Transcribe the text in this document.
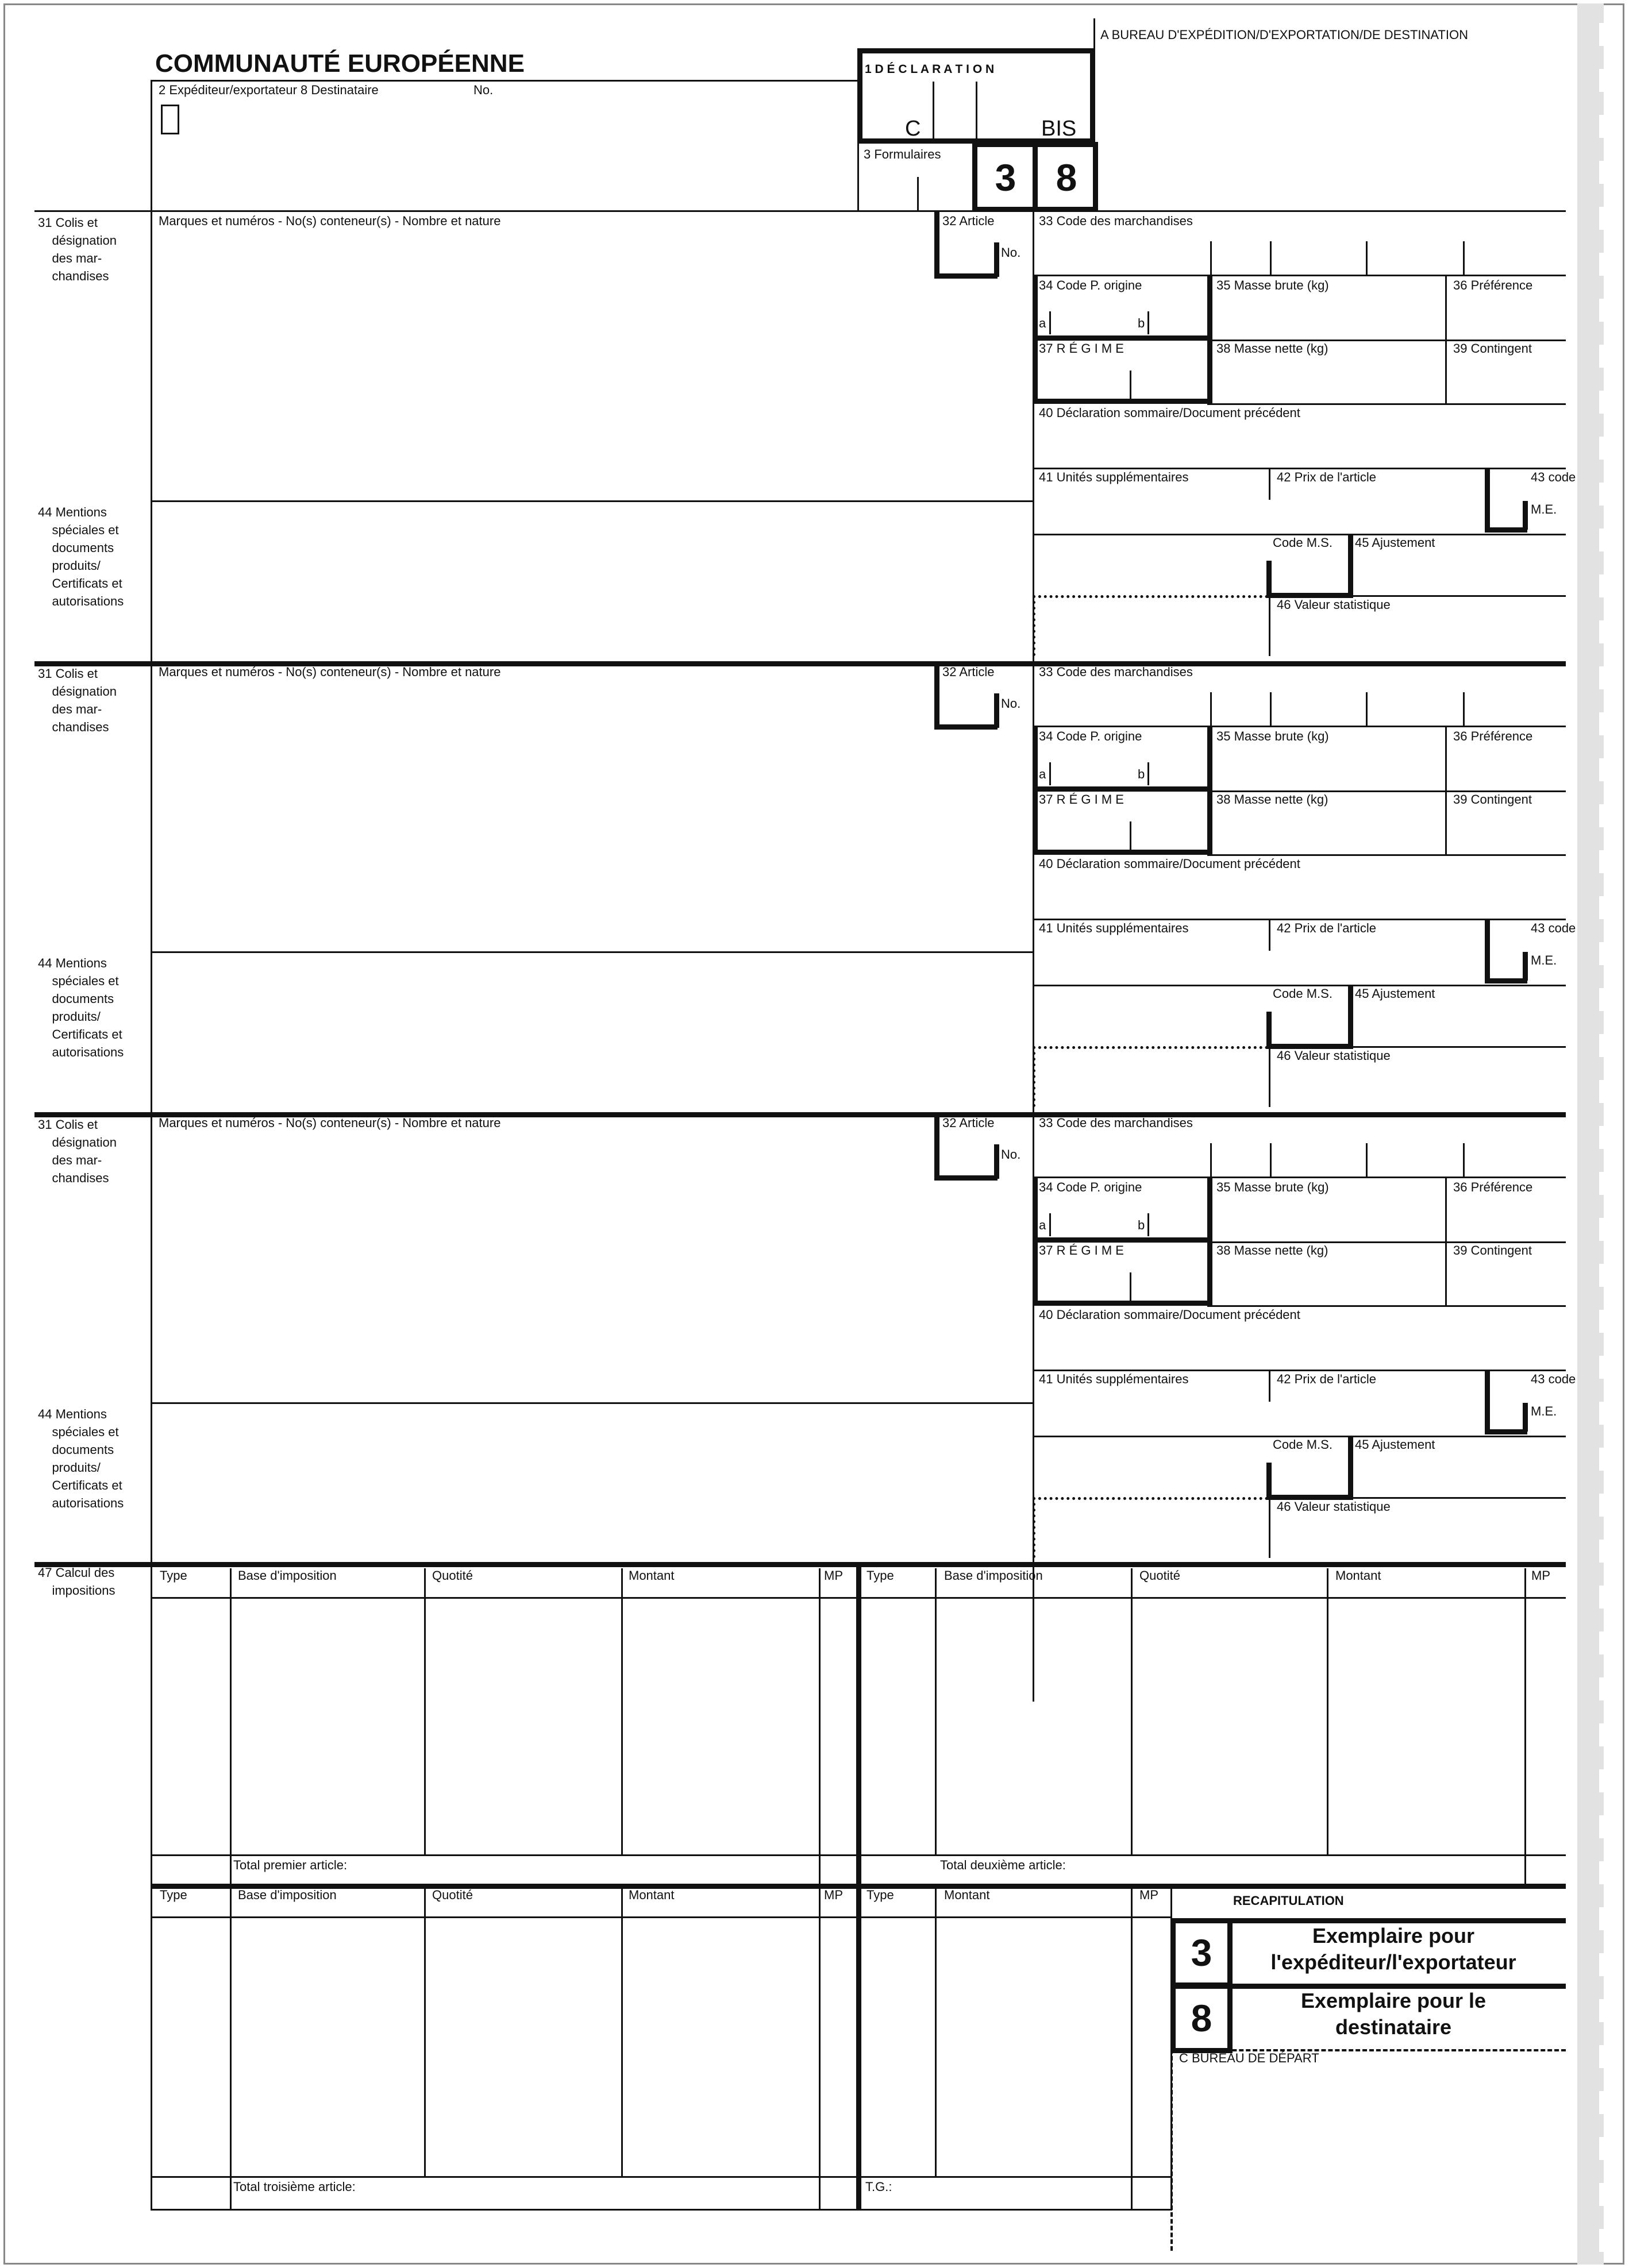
A BUREAU D'EXPÉDITION/D'EXPORTATION/DE DESTINATION
COMMUNAUTÉ EUROPÉENNE
2 Expéditeur/exportateur 8 Destinataire	No.
1 D É C L A R A T I O N
C	BIS
3 Formulaires
3	8
31 Colis et
désignation
des mar-
chandises
Marques et numéros - No(s) conteneur(s) - Nombre et nature	32 Article	33 Code des marchandises
No.
34 Code P. origine	35 Masse brute (kg)	36 Préférence
a	b
37 R É G I M E	38 Masse nette (kg)	39 Contingent
40 Déclaration sommaire/Document précédent
41 Unités supplémentaires	42 Prix de l'article	43 code
M.E.
44 Mentions
spéciales et
documents
produits/
Certificats et
autorisations
Code M.S. 45 Ajustement
46 Valeur statistique
31 Colis et
désignation
des mar-
chandises
Marques et numéros - No(s) conteneur(s) - Nombre et nature	32 Article	33 Code des marchandises
No.
34 Code P. origine	35 Masse brute (kg)	36 Préférence
a	b
37 R É G I M E	38 Masse nette (kg)	39 Contingent
40 Déclaration sommaire/Document précédent
41 Unités supplémentaires	42 Prix de l'article	43 code
M.E.
44 Mentions
spéciales et
documents
produits/
Certificats et
autorisations
Code M.S. 45 Ajustement
46 Valeur statistique
31 Colis et
désignation
des mar-
chandises
Marques et numéros - No(s) conteneur(s) - Nombre et nature	32 Article	33 Code des marchandises
No.
34 Code P. origine	35 Masse brute (kg)	36 Préférence
a	b
37 R É G I M E	38 Masse nette (kg)	39 Contingent
40 Déclaration sommaire/Document précédent
41 Unités supplémentaires	42 Prix de l'article	43 code
M.E.
44 Mentions
spéciales et
documents
produits/
Certificats et
autorisations
Code M.S. 45 Ajustement
46 Valeur statistique
47 Calcul des
impositions
Type	Base d'imposition	Quotité	Montant	MP Type	Base d'imposition	Quotité	Montant	MP
Total premier article:	Total deuxième article:
Type	Base d'imposition	Quotité	Montant	MP Type	Montant	MP
Total troisième article:	T.G.:
RECAPITULATION
3
8
Exemplaire pour l'expéditeur/l'exportateur
Exemplaire pour le destinataire
C BUREAU DE DÉPART
